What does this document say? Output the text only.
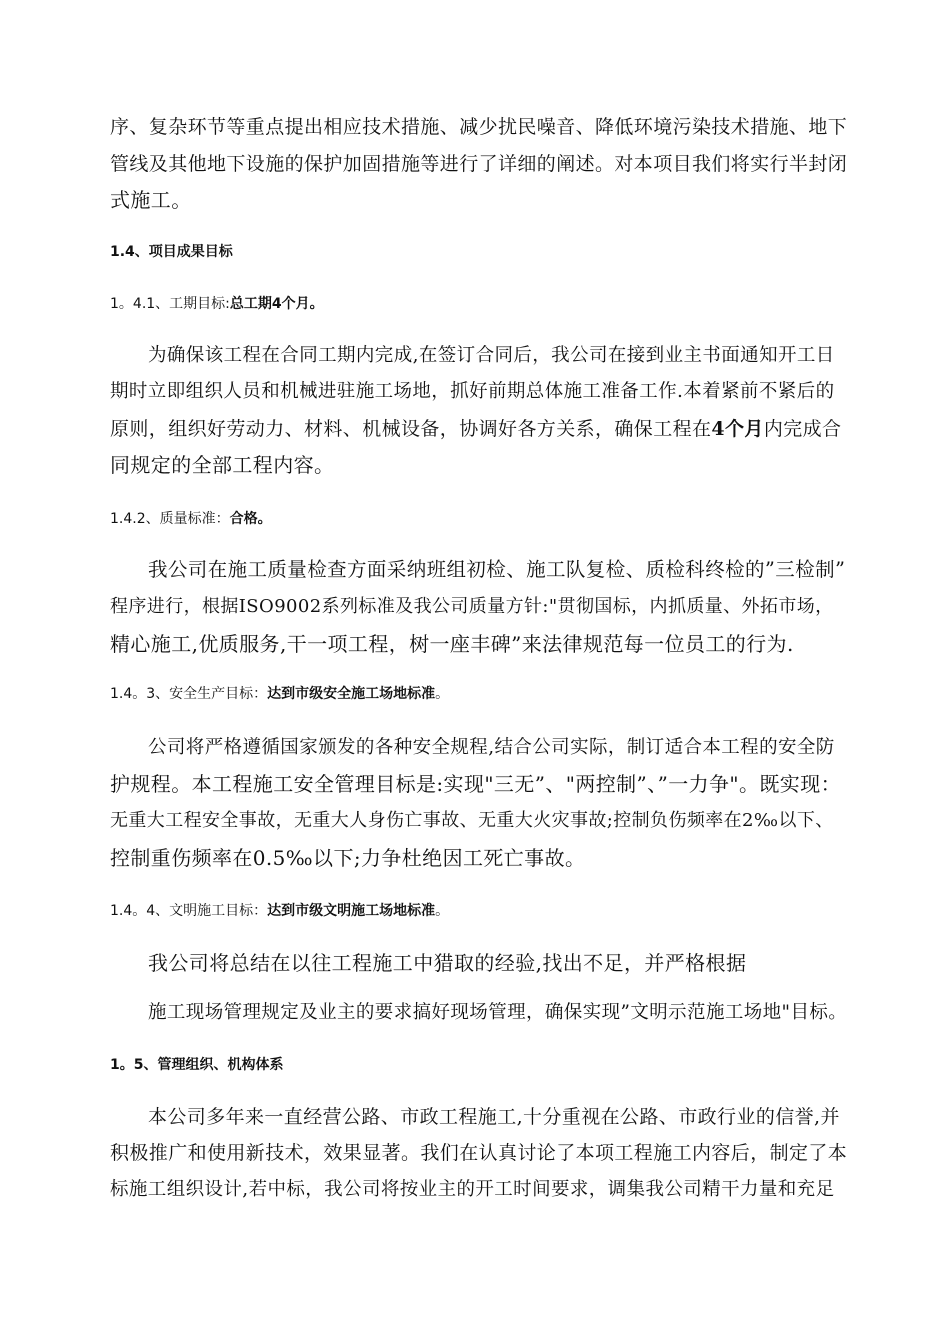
序、复杂环节等重点提出相应技术措施、减少扰民噪音、降低环境污染技术措施、地下
管线及其他地下设施的保护加固措施等进行了详细的阐述。对本项目我们将实行半封闭
式施工。
1.4、项目成果目标
1。4.1、工期目标:总工期4个月。
为确保该工程在合同工期内完成,在签订合同后，我公司在接到业主书面通知开工日
期时立即组织人员和机械进驻施工场地，抓好前期总体施工准备工作.本着紧前不紧后的
原则，组织好劳动力、材料、机械设备，协调好各方关系，确保工程在4个月内完成合
同规定的全部工程内容。
1.4.2、质量标准：合格。
我公司在施工质量检查方面采纳班组初检、施工队复检、质检科终检的”三检制”
程序进行，根据ISO9002系列标准及我公司质量方针:"贯彻国标，内抓质量、外拓市场，
精心施工,优质服务,干一项工程，树一座丰碑”来法律规范每一位员工的行为.
1.4。3、安全生产目标：达到市级安全施工场地标准。
公司将严格遵循国家颁发的各种安全规程,结合公司实际，制订适合本工程的安全防
护规程。本工程施工安全管理目标是:实现"三无”、"两控制”、”一力争"。既实现：
无重大工程安全事故，无重大人身伤亡事故、无重大火灾事故;控制负伤频率在2‰以下、
控制重伤频率在0.5‰以下;力争杜绝因工死亡事故。
1.4。4、文明施工目标：达到市级文明施工场地标准。
我公司将总结在以往工程施工中猎取的经验,找出不足，并严格根据
施工现场管理规定及业主的要求搞好现场管理，确保实现”文明示范施工场地"目标。
1。5、管理组织、机构体系
本公司多年来一直经营公路、市政工程施工,十分重视在公路、市政行业的信誉,并
积极推广和使用新技术，效果显著。我们在认真讨论了本项工程施工内容后，制定了本
标施工组织设计,若中标，我公司将按业主的开工时间要求，调集我公司精干力量和充足
